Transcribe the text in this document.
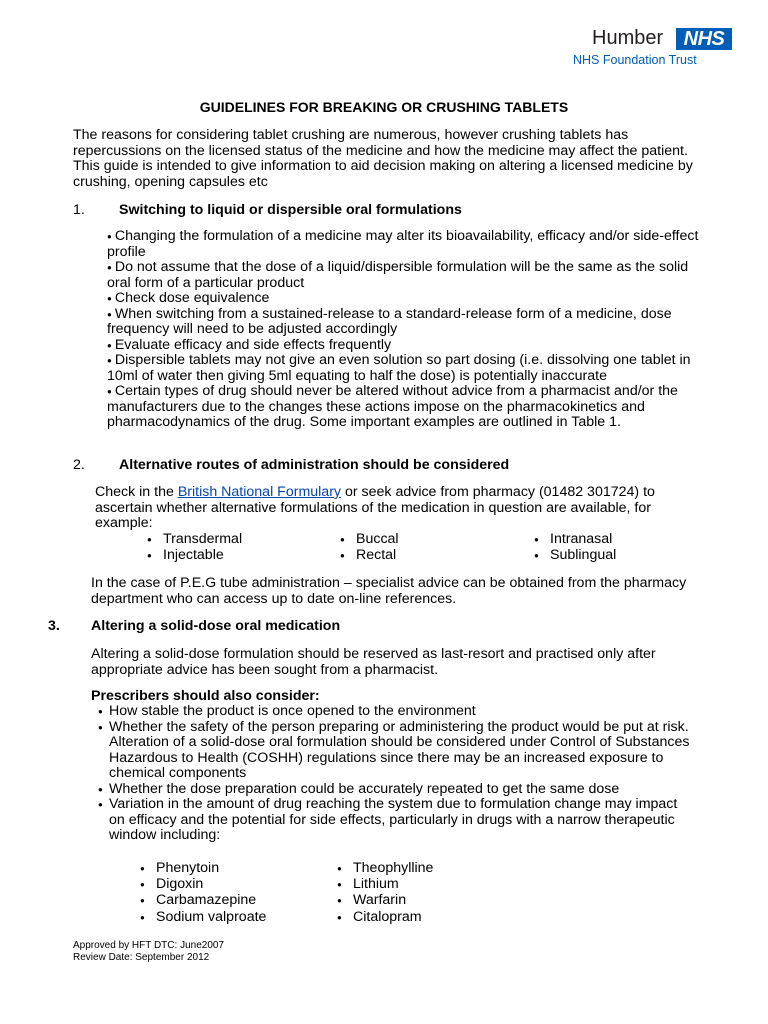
Humber	NHS
NHS Foundation Trust
GUIDELINES FOR BREAKING OR CRUSHING TABLETS
The reasons for considering tablet crushing are numerous, however crushing tablets has repercussions on the licensed status of the medicine and how the medicine may affect the patient. This guide is intended to give information to aid decision making on altering a licensed medicine by crushing, opening capsules etc
1. Switching to liquid or dispersible oral formulations
● Changing the formulation of a medicine may alter its bioavailability, efficacy and/or side-effect profile
● Do not assume that the dose of a liquid/dispersible formulation will be the same as the solid oral form of a particular product
● Check dose equivalence
● When switching from a sustained-release to a standard-release form of a medicine, dose frequency will need to be adjusted accordingly
● Evaluate efficacy and side effects frequently
● Dispersible tablets may not give an even solution so part dosing (i.e. dissolving one tablet in 10ml of water then giving 5ml equating to half the dose) is potentially inaccurate
● Certain types of drug should never be altered without advice from a pharmacist and/or the manufacturers due to the changes these actions impose on the pharmacokinetics and pharmacodynamics of the drug. Some important examples are outlined in Table 1.
2. Alternative routes of administration should be considered
Check in the British National Formulary or seek advice from pharmacy (01482 301724) to ascertain whether alternative formulations of the medication in question are available, for example:
● Transdermal	● Buccal	● Intranasal
● Injectable	● Rectal	● Sublingual
In the case of P.E.G tube administration – specialist advice can be obtained from the pharmacy department who can access up to date on-line references.
3. Altering a solid-dose oral medication
Altering a solid-dose formulation should be reserved as last-resort and practised only after appropriate advice has been sought from a pharmacist.
Prescribers should also consider:
● How stable the product is once opened to the environment
● Whether the safety of the person preparing or administering the product would be put at risk. Alteration of a solid-dose oral formulation should be considered under Control of Substances Hazardous to Health (COSHH) regulations since there may be an increased exposure to chemical components
● Whether the dose preparation could be accurately repeated to get the same dose
● Variation in the amount of drug reaching the system due to formulation change may impact on efficacy and the potential for side effects, particularly in drugs with a narrow therapeutic window including:
● Phenytoin	● Theophylline
● Digoxin	● Lithium
● Carbamazepine	● Warfarin
● Sodium valproate	● Citalopram
Approved by HFT DTC: June2007
Review Date: September 2012
